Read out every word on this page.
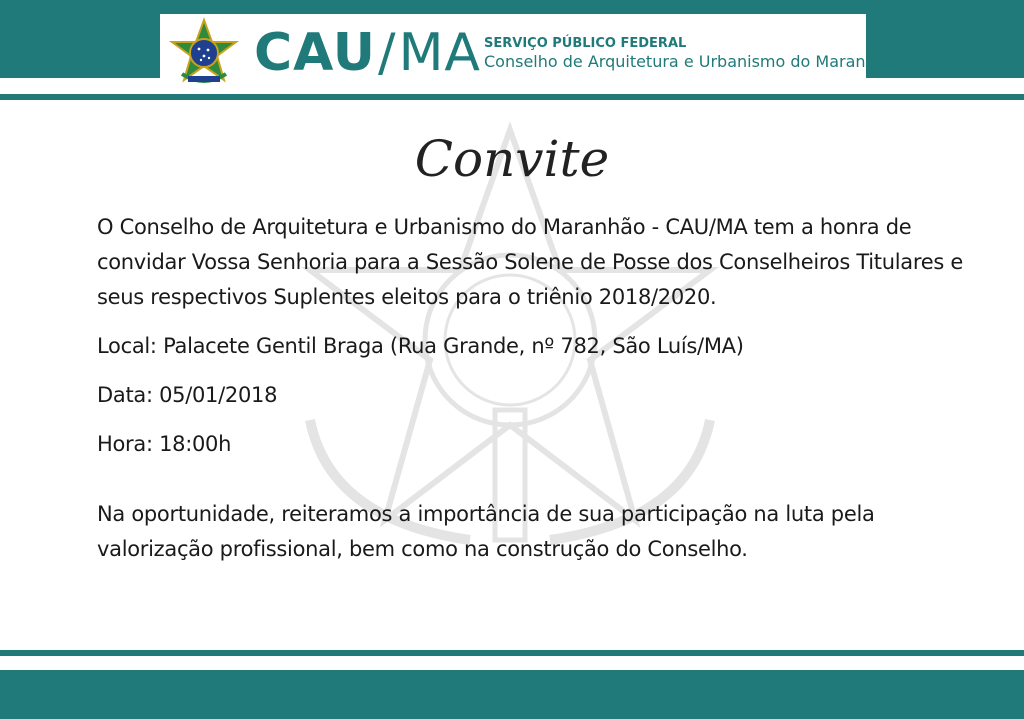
CAU / MA SERVIÇO PÚBLICO FEDERAL
Conselho de Arquitetura e Urbanismo do Maranhão
Convite

O Conselho de Arquitetura e Urbanismo do Maranhão - CAU/MA tem a honra de convidar Vossa Senhoria para a Sessão Solene de Posse dos Conselheiros Titulares e seus respectivos Suplentes eleitos para o triênio 2018/2020.

Local: Palacete Gentil Braga (Rua Grande, nº 782, São Luís/MA)

Data: 05/01/2018

Hora: 18:00h

Na oportunidade, reiteramos a importância de sua participação na luta pela valorização profissional, bem como na construção do Conselho.
